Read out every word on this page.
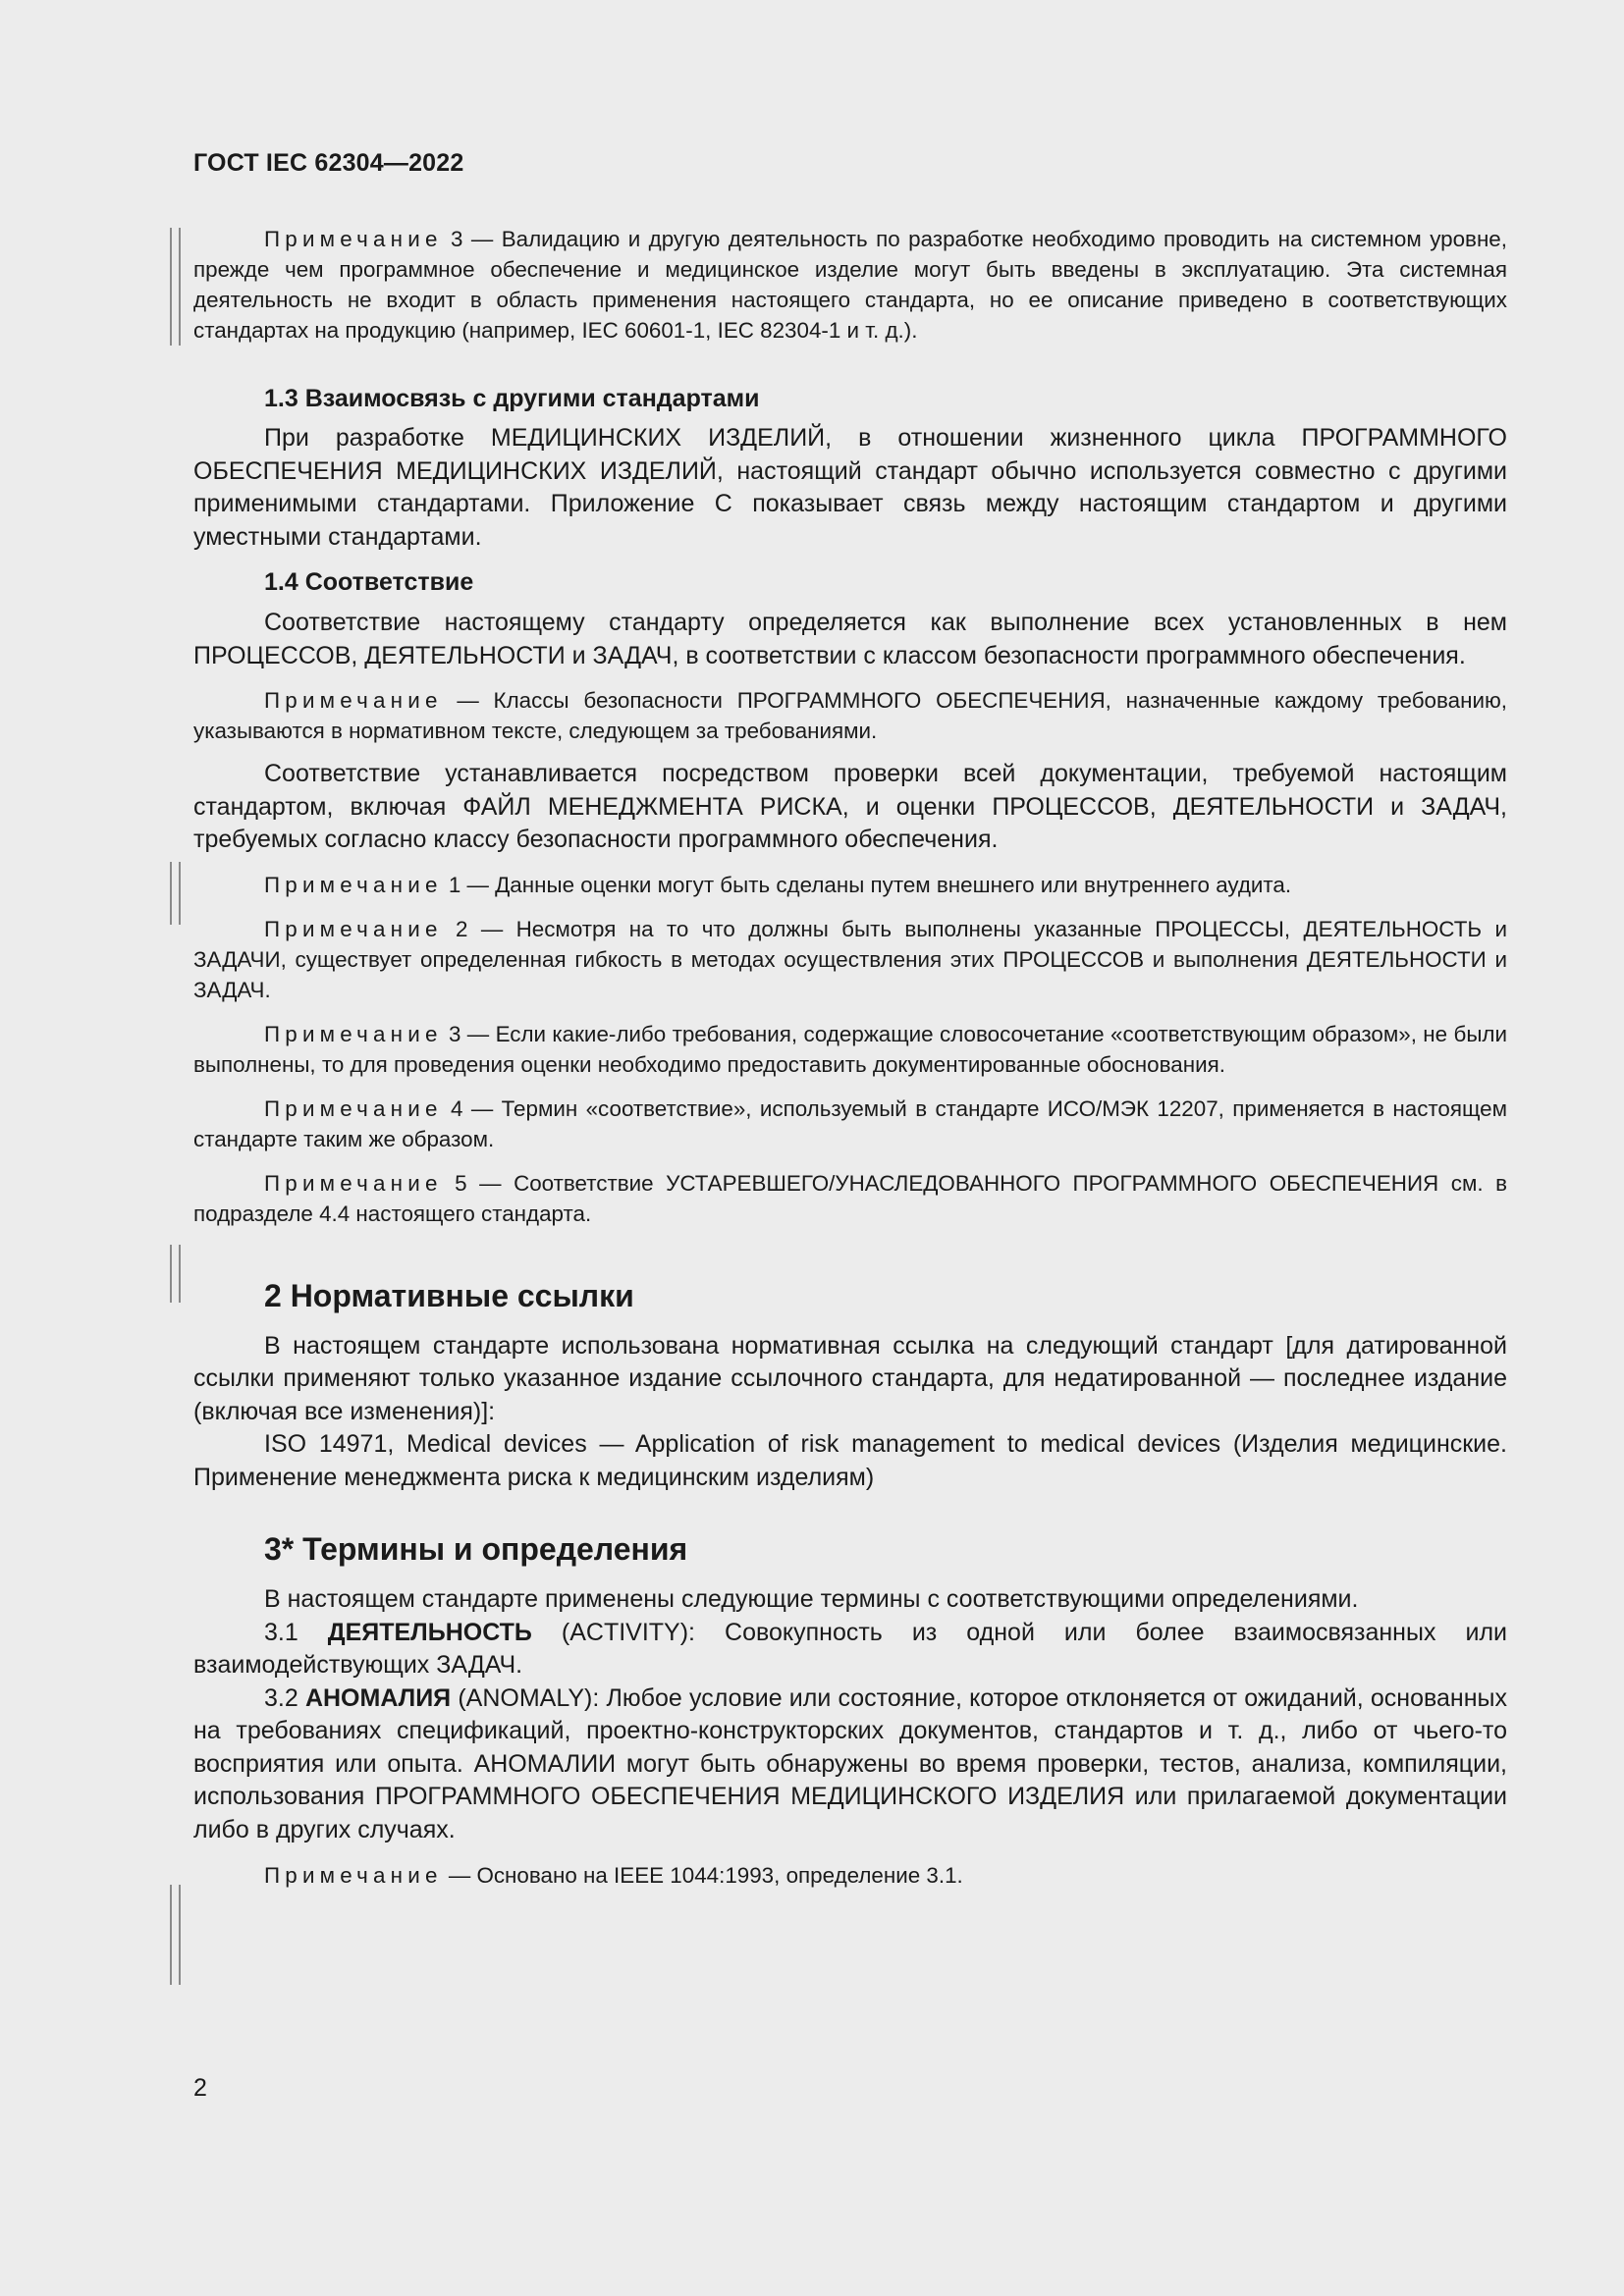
ГОСТ IEC 62304—2022

Примечание 3 — Валидацию и другую деятельность по разработке необходимо проводить на системном уровне, прежде чем программное обеспечение и медицинское изделие могут быть введены в эксплуатацию. Эта системная деятельность не входит в область применения настоящего стандарта, но ее описание приведено в соответствующих стандартах на продукцию (например, IEC 60601-1, IEC 82304-1 и т. д.).

1.3 Взаимосвязь с другими стандартами

При разработке МЕДИЦИНСКИХ ИЗДЕЛИЙ, в отношении жизненного цикла ПРОГРАММНОГО ОБЕСПЕЧЕНИЯ МЕДИЦИНСКИХ ИЗДЕЛИЙ, настоящий стандарт обычно используется совместно с другими применимыми стандартами. Приложение С показывает связь между настоящим стандартом и другими уместными стандартами.

1.4 Соответствие

Соответствие настоящему стандарту определяется как выполнение всех установленных в нем ПРОЦЕССОВ, ДЕЯТЕЛЬНОСТИ и ЗАДАЧ, в соответствии с классом безопасности программного обеспечения.

Примечание — Классы безопасности ПРОГРАММНОГО ОБЕСПЕЧЕНИЯ, назначенные каждому требованию, указываются в нормативном тексте, следующем за требованиями.

Соответствие устанавливается посредством проверки всей документации, требуемой настоящим стандартом, включая ФАЙЛ МЕНЕДЖМЕНТА РИСКА, и оценки ПРОЦЕССОВ, ДЕЯТЕЛЬНОСТИ и ЗАДАЧ, требуемых согласно классу безопасности программного обеспечения.

Примечание 1 — Данные оценки могут быть сделаны путем внешнего или внутреннего аудита.

Примечание 2 — Несмотря на то что должны быть выполнены указанные ПРОЦЕССЫ, ДЕЯТЕЛЬНОСТЬ и ЗАДАЧИ, существует определенная гибкость в методах осуществления этих ПРОЦЕССОВ и выполнения ДЕЯТЕЛЬНОСТИ и ЗАДАЧ.

Примечание 3 — Если какие-либо требования, содержащие словосочетание «соответствующим образом», не были выполнены, то для проведения оценки необходимо предоставить документированные обоснования.

Примечание 4 — Термин «соответствие», используемый в стандарте ИСО/МЭК 12207, применяется в настоящем стандарте таким же образом.

Примечание 5 — Соответствие УСТАРЕВШЕГО/УНАСЛЕДОВАННОГО ПРОГРАММНОГО ОБЕСПЕЧЕНИЯ см. в подразделе 4.4 настоящего стандарта.

2 Нормативные ссылки

В настоящем стандарте использована нормативная ссылка на следующий стандарт [для датированной ссылки применяют только указанное издание ссылочного стандарта, для недатированной — последнее издание (включая все изменения)]:

ISO 14971, Medical devices — Application of risk management to medical devices (Изделия медицинские. Применение менеджмента риска к медицинским изделиям)

3* Термины и определения

В настоящем стандарте применены следующие термины с соответствующими определениями.

3.1 ДЕЯТЕЛЬНОСТЬ (ACTIVITY): Совокупность из одной или более взаимосвязанных или взаимодействующих ЗАДАЧ.

3.2 АНОМАЛИЯ (ANOMALY): Любое условие или состояние, которое отклоняется от ожиданий, основанных на требованиях спецификаций, проектно-конструкторских документов, стандартов и т. д., либо от чьего-то восприятия или опыта. АНОМАЛИИ могут быть обнаружены во время проверки, тестов, анализа, компиляции, использования ПРОГРАММНОГО ОБЕСПЕЧЕНИЯ МЕДИЦИНСКОГО ИЗДЕЛИЯ или прилагаемой документации либо в других случаях.

Примечание — Основано на IEEE 1044:1993, определение 3.1.

2
